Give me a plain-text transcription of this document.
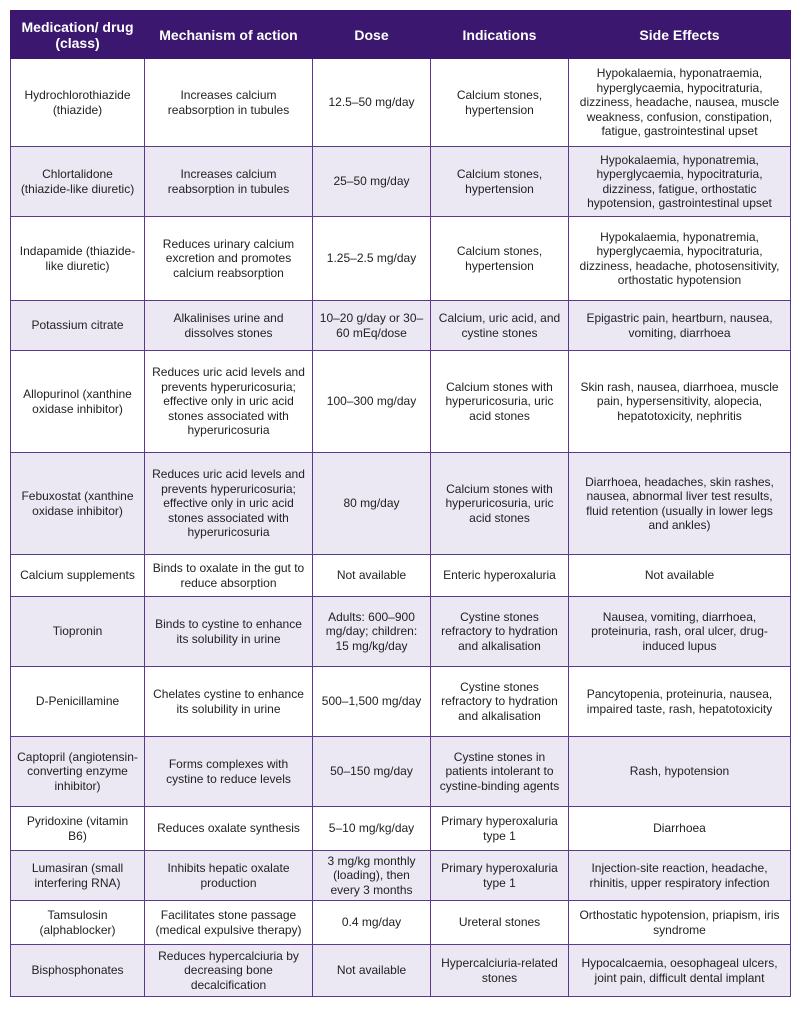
Medication/ drug (class)	Mechanism of action	Dose	Indications	Side Effects
Hydrochlorothiazide (thiazide)	Increases calcium reabsorption in tubules	12.5–50 mg/day	Calcium stones, hypertension	Hypokalaemia, hyponatraemia, hyperglycaemia, hypocitraturia, dizziness, headache, nausea, muscle weakness, confusion, constipation, fatigue, gastrointestinal upset
Chlortalidone (thiazide-like diuretic)	Increases calcium reabsorption in tubules	25–50 mg/day	Calcium stones, hypertension	Hypokalaemia, hyponatremia, hyperglycaemia, hypocitraturia, dizziness, fatigue, orthostatic hypotension, gastrointestinal upset
Indapamide (thiazide-like diuretic)	Reduces urinary calcium excretion and promotes calcium reabsorption	1.25–2.5 mg/day	Calcium stones, hypertension	Hypokalaemia, hyponatremia, hyperglycaemia, hypocitraturia, dizziness, headache, photosensitivity, orthostatic hypotension
Potassium citrate	Alkalinises urine and dissolves stones	10–20 g/day or 30–60 mEq/dose	Calcium, uric acid, and cystine stones	Epigastric pain, heartburn, nausea, vomiting, diarrhoea
Allopurinol (xanthine oxidase inhibitor)	Reduces uric acid levels and prevents hyperuricosuria; effective only in uric acid stones associated with hyperuricosuria	100–300 mg/day	Calcium stones with hyperuricosuria, uric acid stones	Skin rash, nausea, diarrhoea, muscle pain, hypersensitivity, alopecia, hepatotoxicity, nephritis
Febuxostat (xanthine oxidase inhibitor)	Reduces uric acid levels and prevents hyperuricosuria; effective only in uric acid stones associated with hyperuricosuria	80 mg/day	Calcium stones with hyperuricosuria, uric acid stones	Diarrhoea, headaches, skin rashes, nausea, abnormal liver test results, fluid retention (usually in lower legs and ankles)
Calcium supplements	Binds to oxalate in the gut to reduce absorption	Not available	Enteric hyperoxaluria	Not available
Tiopronin	Binds to cystine to enhance its solubility in urine	Adults: 600–900 mg/day; children: 15 mg/kg/day	Cystine stones refractory to hydration and alkalisation	Nausea, vomiting, diarrhoea, proteinuria, rash, oral ulcer, drug-induced lupus
D-Penicillamine	Chelates cystine to enhance its solubility in urine	500–1,500 mg/day	Cystine stones refractory to hydration and alkalisation	Pancytopenia, proteinuria, nausea, impaired taste, rash, hepatotoxicity
Captopril (angiotensin-converting enzyme inhibitor)	Forms complexes with cystine to reduce levels	50–150 mg/day	Cystine stones in patients intolerant to cystine-binding agents	Rash, hypotension
Pyridoxine (vitamin B6)	Reduces oxalate synthesis	5–10 mg/kg/day	Primary hyperoxaluria type 1	Diarrhoea
Lumasiran (small interfering RNA)	Inhibits hepatic oxalate production	3 mg/kg monthly (loading), then every 3 months	Primary hyperoxaluria type 1	Injection-site reaction, headache, rhinitis, upper respiratory infection
Tamsulosin (alphablocker)	Facilitates stone passage (medical expulsive therapy)	0.4 mg/day	Ureteral stones	Orthostatic hypotension, priapism, iris syndrome
Bisphosphonates	Reduces hypercalciuria by decreasing bone decalcification	Not available	Hypercalciuria-related stones	Hypocalcaemia, oesophageal ulcers, joint pain, difficult dental implant
